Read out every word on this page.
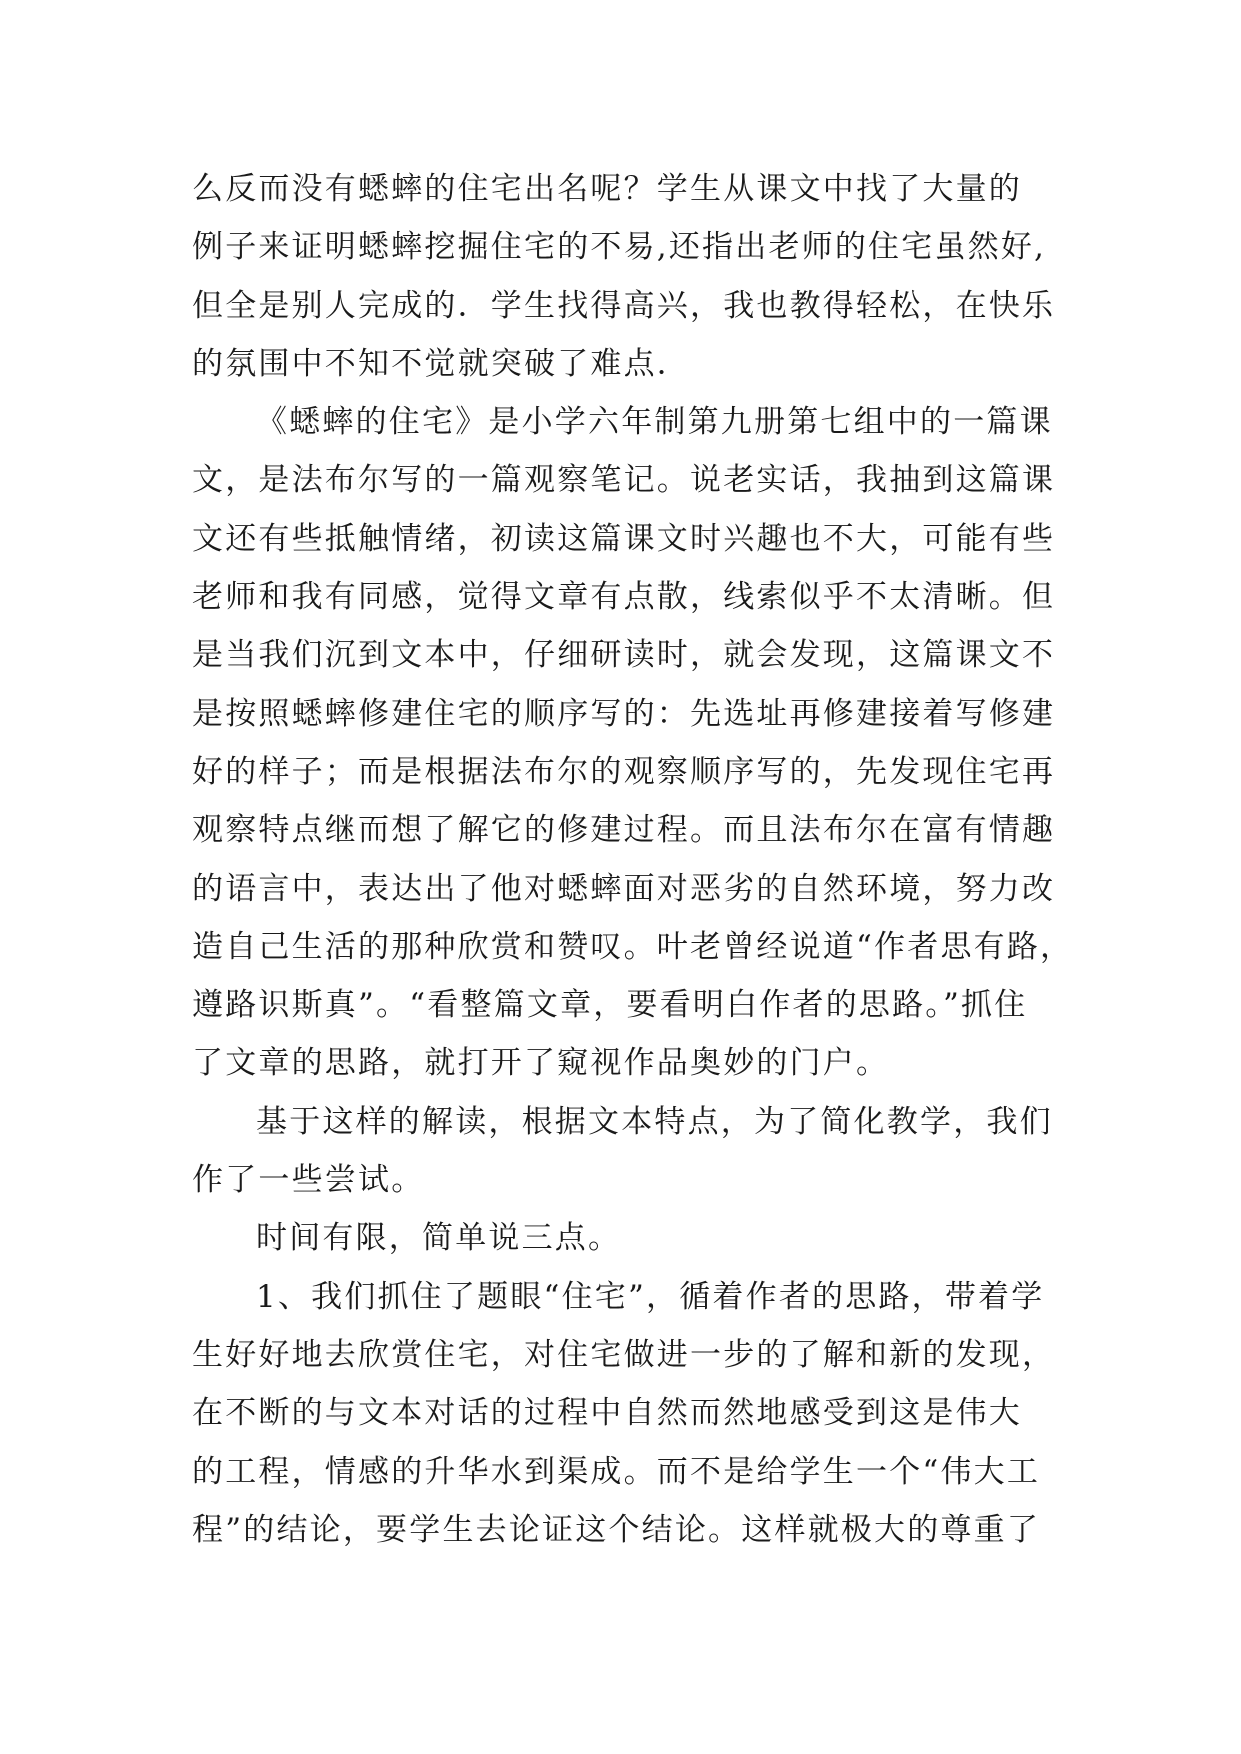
么反而没有蟋蟀的住宅出名呢？学生从课文中找了大量的
例子来证明蟋蟀挖掘住宅的不易,还指出老师的住宅虽然好,
但全是别人完成的．学生找得高兴，我也教得轻松，在快乐
的氛围中不知不觉就突破了难点．
《蟋蟀的住宅》是小学六年制第九册第七组中的一篇课
文，是法布尔写的一篇观察笔记。说老实话，我抽到这篇课
文还有些抵触情绪，初读这篇课文时兴趣也不大，可能有些
老师和我有同感，觉得文章有点散，线索似乎不太清晰。但
是当我们沉到文本中，仔细研读时，就会发现，这篇课文不
是按照蟋蟀修建住宅的顺序写的：先选址再修建接着写修建
好的样子；而是根据法布尔的观察顺序写的，先发现住宅再
观察特点继而想了解它的修建过程。而且法布尔在富有情趣
的语言中，表达出了他对蟋蟀面对恶劣的自然环境，努力改
造自己生活的那种欣赏和赞叹。叶老曾经说道“作者思有路，
遵路识斯真”。“看整篇文章，要看明白作者的思路。”抓住
了文章的思路，就打开了窥视作品奥妙的门户。
基于这样的解读，根据文本特点，为了简化教学，我们
作了一些尝试。
时间有限，简单说三点。
1、我们抓住了题眼“住宅”，循着作者的思路，带着学
生好好地去欣赏住宅，对住宅做进一步的了解和新的发现，
在不断的与文本对话的过程中自然而然地感受到这是伟大
的工程，情感的升华水到渠成。而不是给学生一个“伟大工
程”的结论，要学生去论证这个结论。这样就极大的尊重了
